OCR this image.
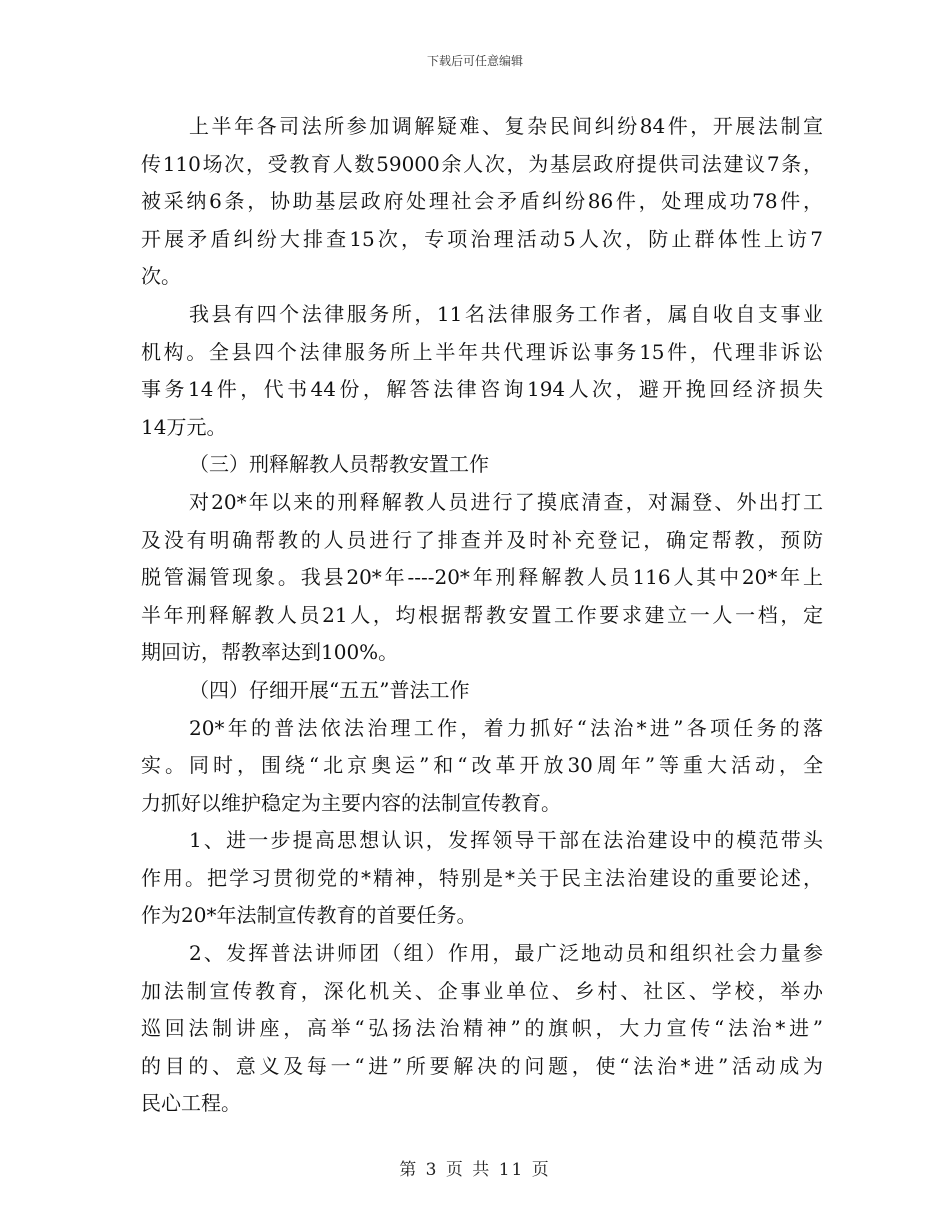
下载后可任意编辑
上半年各司法所参加调解疑难、复杂民间纠纷84件，开展法制宣
传110场次，受教育人数59000余人次，为基层政府提供司法建议7条，
被采纳6条，协助基层政府处理社会矛盾纠纷86件，处理成功78件，
开展矛盾纠纷大排查15次，专项治理活动5人次，防止群体性上访7
次。
我县有四个法律服务所，11名法律服务工作者，属自收自支事业
机构。全县四个法律服务所上半年共代理诉讼事务15件，代理非诉讼
事务14件，代书44份，解答法律咨询194人次，避开挽回经济损失
14万元。
（三）刑释解教人员帮教安置工作
对20*年以来的刑释解教人员进行了摸底清查，对漏登、外出打工
及没有明确帮教的人员进行了排查并及时补充登记，确定帮教，预防
脱管漏管现象。我县20*年----20*年刑释解教人员116人其中20*年上
半年刑释解教人员21人，均根据帮教安置工作要求建立一人一档，定
期回访，帮教率达到100%。
（四）仔细开展“五五”普法工作
20*年的普法依法治理工作，着力抓好“法治*进”各项任务的落
实。同时，围绕“北京奥运”和“改革开放30周年”等重大活动，全
力抓好以维护稳定为主要内容的法制宣传教育。
1、进一步提高思想认识，发挥领导干部在法治建设中的模范带头
作用。把学习贯彻党的*精神，特别是*关于民主法治建设的重要论述，
作为20*年法制宣传教育的首要任务。
2、发挥普法讲师团（组）作用，最广泛地动员和组织社会力量参
加法制宣传教育，深化机关、企事业单位、乡村、社区、学校，举办
巡回法制讲座，高举“弘扬法治精神”的旗帜，大力宣传“法治*进”
的目的、意义及每一“进”所要解决的问题，使“法治*进”活动成为
民心工程。
第 3 页 共 11 页
